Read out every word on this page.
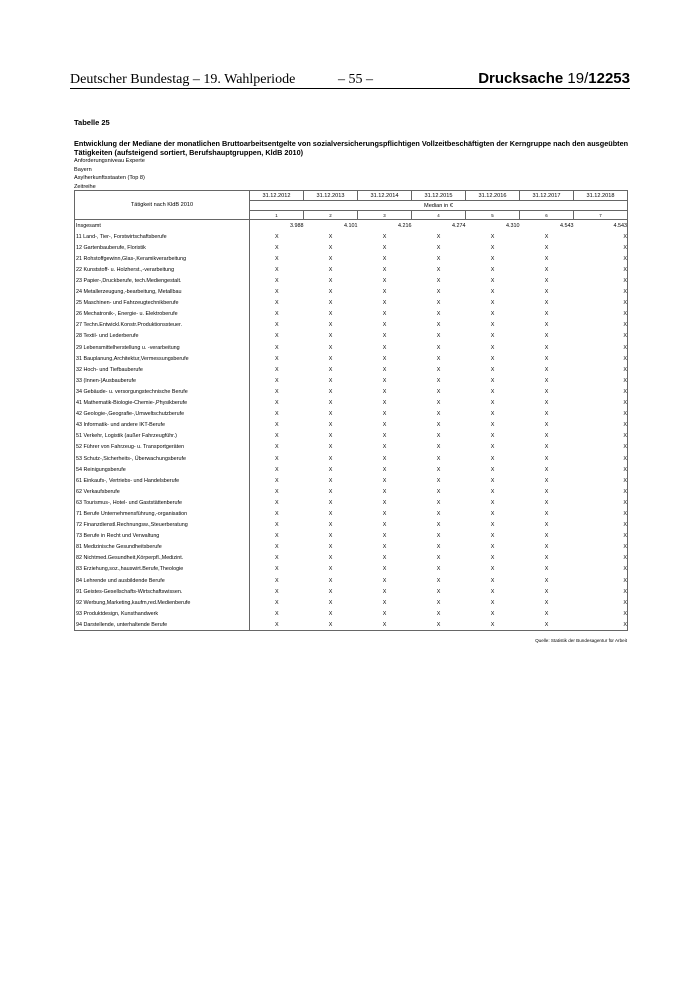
Deutscher Bundestag – 19. Wahlperiode	– 55 –	Drucksache 19/12253
Tabelle 25
Entwicklung der Mediane der monatlichen Bruttoarbeitsentgelte von sozialversicherungspflichtigen Vollzeitbeschäftigten der Kerngruppe nach den ausgeübten Tätigkeiten (aufsteigend sortiert, Berufshauptgruppen, KldB 2010)
Anforderungsniveau Experte
Bayern
Asylherkunftsstaaten (Top 8)
Zeitreihe
Tätigkeit nach KldB 2010	31.12.2012	31.12.2013	31.12.2014	31.12.2015	31.12.2016	31.12.2017	31.12.2018
	Median in €						
	1	2	3	4	5	6	7
Insgesamt	3.988	4.101	4.216	4.274	4.310	4.543	4.543
11 Land-, Tier-, Forstwirtschaftsberufe	X	X	X	X	X	X	X
12 Gartenbauberufe, Floristik	X	X	X	X	X	X	X
21 Rohstoffgewinn,Glas-,Keramikverarbeitung	X	X	X	X	X	X	X
22 Kunststoff- u. Holzherst.,-verarbeitung	X	X	X	X	X	X	X
23 Papier-,Druckberufe, tech.Mediengestalt.	X	X	X	X	X	X	X
24 Metallerzeugung,-bearbeitung, Metallbau	X	X	X	X	X	X	X
25 Maschinen- und Fahrzeugtechnikberufe	X	X	X	X	X	X	X
26 Mechatronik-, Energie- u. Elektroberufe	X	X	X	X	X	X	X
27 Techn.Entwickl.Konstr.Produktionssteuer.	X	X	X	X	X	X	X
28 Textil- und Lederberufe	X	X	X	X	X	X	X
29 Lebensmittelherstellung u. -verarbeitung	X	X	X	X	X	X	X
31 Bauplanung,Architektur,Vermessungsberufe	X	X	X	X	X	X	X
32 Hoch- und Tiefbauberufe	X	X	X	X	X	X	X
33 (Innen-)Ausbauberufe	X	X	X	X	X	X	X
34 Gebäude- u. versorgungstechnische Berufe	X	X	X	X	X	X	X
41 Mathematik-Biologie-Chemie-,Physikberufe	X	X	X	X	X	X	X
42 Geologie-,Geografie-,Umweltschutzberufe	X	X	X	X	X	X	X
43 Informatik- und andere IKT-Berufe	X	X	X	X	X	X	X
51 Verkehr, Logistik (außer Fahrzeugführ.)	X	X	X	X	X	X	X
52 Führer von Fahrzeug- u. Transportgeräten	X	X	X	X	X	X	X
53 Schutz-,Sicherheits-, Überwachungsberufe	X	X	X	X	X	X	X
54 Reinigungsberufe	X	X	X	X	X	X	X
61 Einkaufs-, Vertriebs- und Handelsberufe	X	X	X	X	X	X	X
62 Verkaufsberufe	X	X	X	X	X	X	X
63 Tourismus-, Hotel- und Gaststättenberufe	X	X	X	X	X	X	X
71 Berufe Unternehmensführung,-organisation	X	X	X	X	X	X	X
72 Finanzdienstl.Rechnungsw.,Steuerberatung	X	X	X	X	X	X	X
73 Berufe in Recht und Verwaltung	X	X	X	X	X	X	X
81 Medizinische Gesundheitsberufe	X	X	X	X	X	X	X
82 Nichtmed.Gesundheit,Körperpfl.,Medizint.	X	X	X	X	X	X	X
83 Erziehung,soz.,hauswirt.Berufe,Theologie	X	X	X	X	X	X	X
84 Lehrende und ausbildende Berufe	X	X	X	X	X	X	X
91 Geistes-Gesellschafts-Wirtschaftswissen.	X	X	X	X	X	X	X
92 Werbung,Marketing,kaufm,red.Medienberufe	X	X	X	X	X	X	X
93 Produktdesign, Kunsthandwerk	X	X	X	X	X	X	X
94 Darstellende, unterhaltende Berufe	X	X	X	X	X	X	X
Quelle: Statistik der Bundesagentur für Arbeit
